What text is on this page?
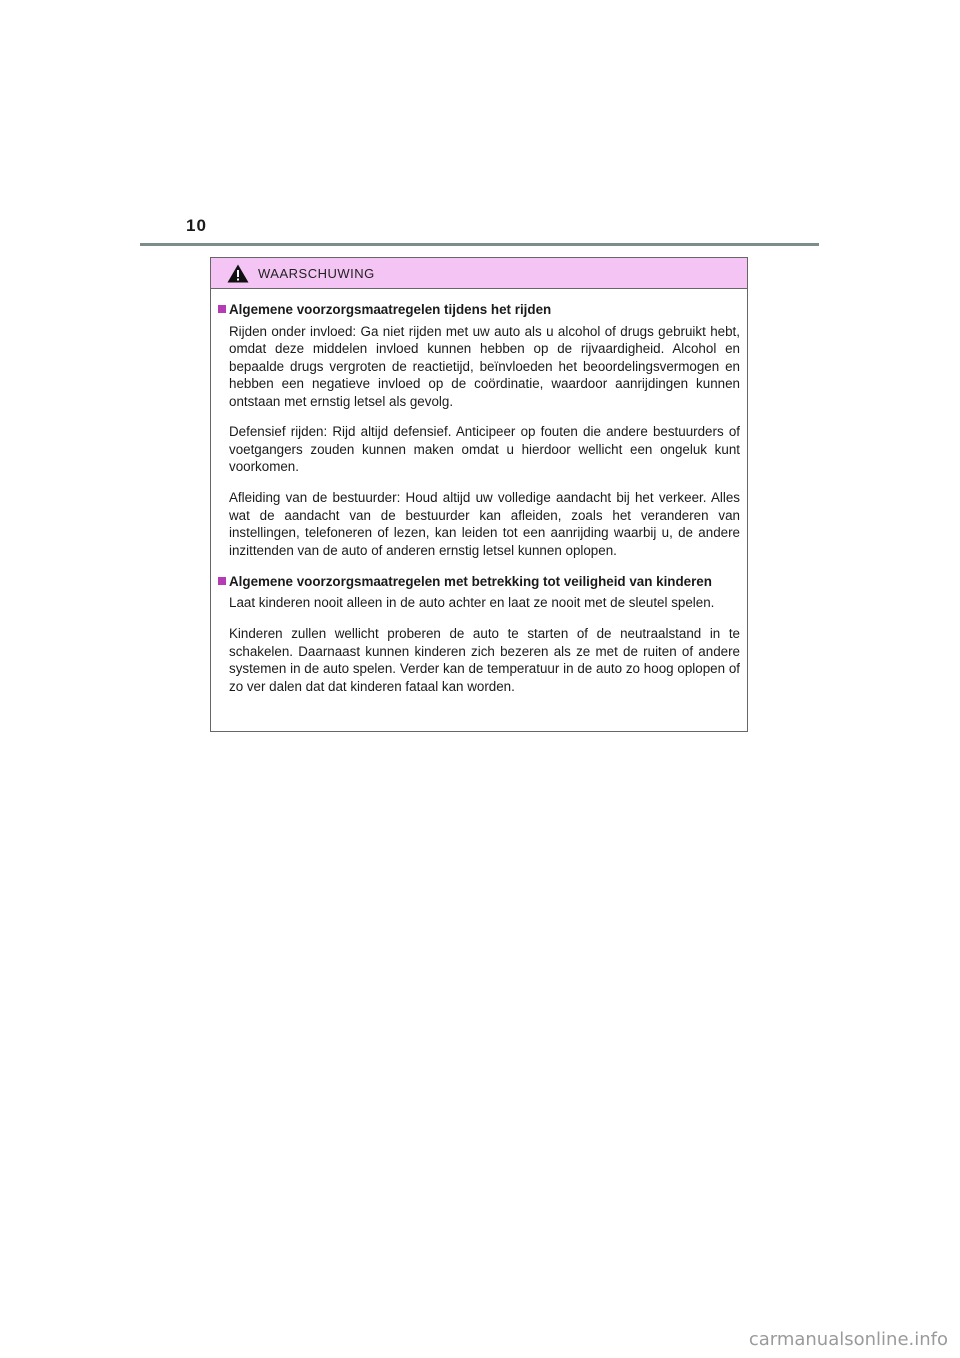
10
WAARSCHUWING
Algemene voorzorgsmaatregelen tijdens het rijden

Rijden onder invloed: Ga niet rijden met uw auto als u alcohol of drugs gebruikt hebt, omdat deze middelen invloed kunnen hebben op de rijvaardigheid. Alcohol en bepaalde drugs vergroten de reactietijd, beïnvloeden het beoordelingsvermogen en hebben een negatieve invloed op de coördinatie, waardoor aanrijdingen kunnen ontstaan met ernstig letsel als gevolg.

Defensief rijden: Rijd altijd defensief. Anticipeer op fouten die andere bestuurders of voetgangers zouden kunnen maken omdat u hierdoor wellicht een ongeluk kunt voorkomen.

Afleiding van de bestuurder: Houd altijd uw volledige aandacht bij het verkeer. Alles wat de aandacht van de bestuurder kan afleiden, zoals het veranderen van instellingen, telefoneren of lezen, kan leiden tot een aanrijding waarbij u, de andere inzittenden van de auto of anderen ernstig letsel kunnen oplopen.

Algemene voorzorgsmaatregelen met betrekking tot veiligheid van kinderen

Laat kinderen nooit alleen in de auto achter en laat ze nooit met de sleutel spelen.

Kinderen zullen wellicht proberen de auto te starten of de neutraalstand in te schakelen. Daarnaast kunnen kinderen zich bezeren als ze met de ruiten of andere systemen in de auto spelen. Verder kan de temperatuur in de auto zo hoog oplopen of zo ver dalen dat dat kinderen fataal kan worden.

carmanualsonline.info
